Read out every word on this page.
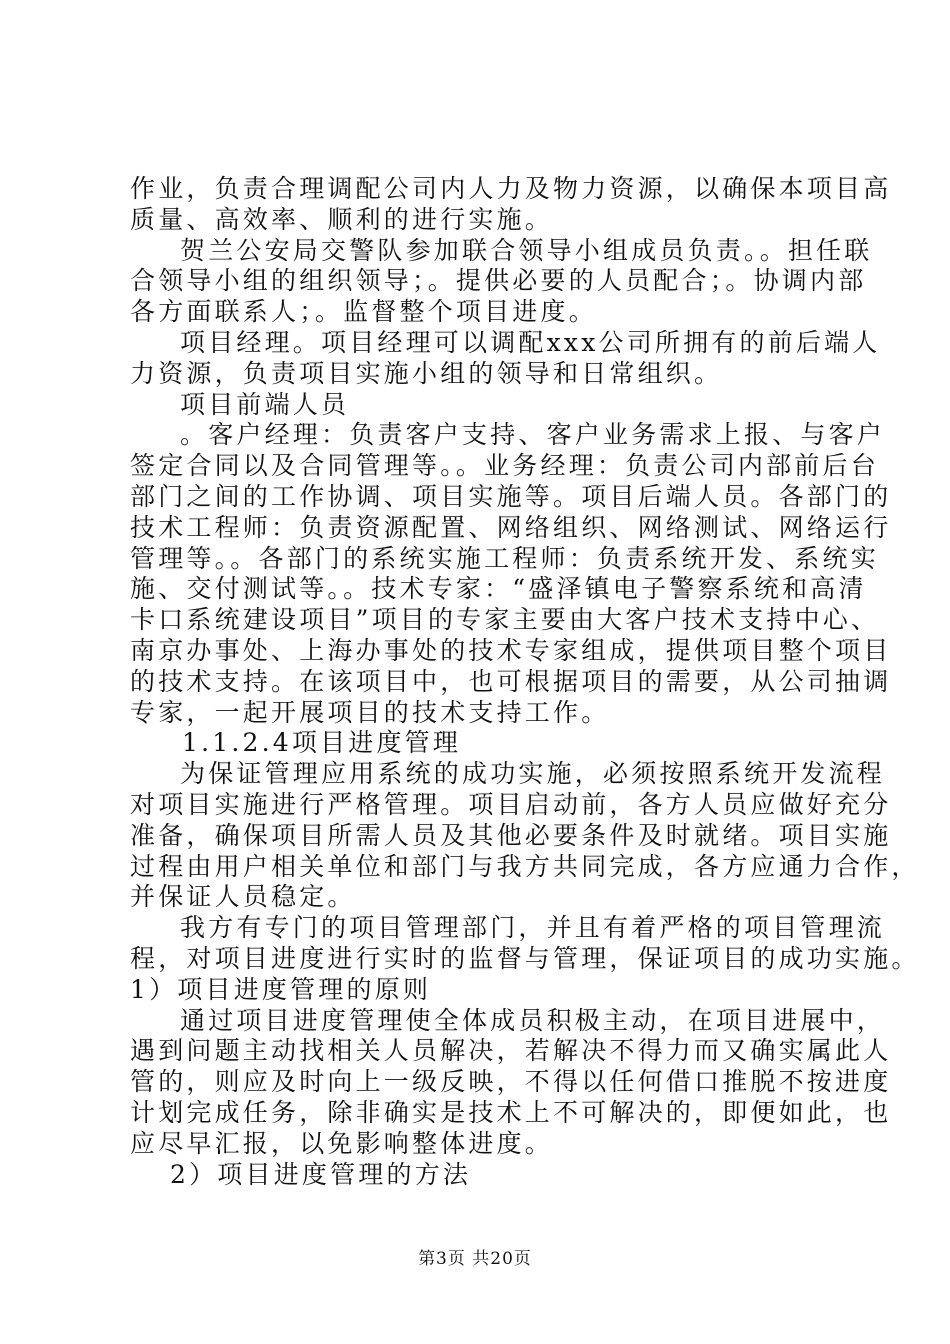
作业，负责合理调配公司内人力及物力资源，以确保本项目高
质量、高效率、顺利的进行实施。
贺兰公安局交警队参加联合领导小组成员负责。。担任联
合领导小组的组织领导；。提供必要的人员配合；。协调内部
各方面联系人；。监督整个项目进度。
项目经理。项目经理可以调配xxx公司所拥有的前后端人
力资源，负责项目实施小组的领导和日常组织。
项目前端人员
。客户经理：负责客户支持、客户业务需求上报、与客户
签定合同以及合同管理等。。业务经理：负责公司内部前后台
部门之间的工作协调、项目实施等。项目后端人员。各部门的
技术工程师：负责资源配置、网络组织、网络测试、网络运行
管理等。。各部门的系统实施工程师：负责系统开发、系统实
施、交付测试等。。技术专家：“盛泽镇电子警察系统和高清
卡口系统建设项目”项目的专家主要由大客户技术支持中心、
南京办事处、上海办事处的技术专家组成，提供项目整个项目
的技术支持。在该项目中，也可根据项目的需要，从公司抽调
专家，一起开展项目的技术支持工作。
1.1.2.4项目进度管理
为保证管理应用系统的成功实施，必须按照系统开发流程
对项目实施进行严格管理。项目启动前，各方人员应做好充分
准备，确保项目所需人员及其他必要条件及时就绪。项目实施
过程由用户相关单位和部门与我方共同完成，各方应通力合作，
并保证人员稳定。
我方有专门的项目管理部门，并且有着严格的项目管理流
程，对项目进度进行实时的监督与管理，保证项目的成功实施。
1）项目进度管理的原则
通过项目进度管理使全体成员积极主动，在项目进展中，
遇到问题主动找相关人员解决，若解决不得力而又确实属此人
管的，则应及时向上一级反映，不得以任何借口推脱不按进度
计划完成任务，除非确实是技术上不可解决的，即便如此，也
应尽早汇报，以免影响整体进度。
2）项目进度管理的方法
第3页 共20页
